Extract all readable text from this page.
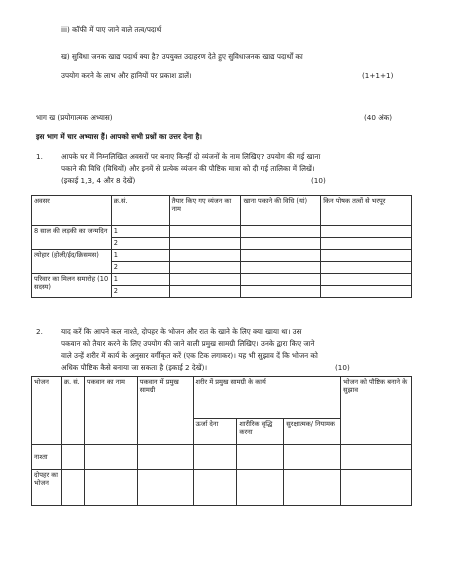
iii) कॉफी में पाए जाने वाले तत्व/पदार्थ
ख) सुविधा जनक खाद्य पदार्थ क्या है? उपयुक्त उदाहरण देते हुए सुविधाजनक खाद्य पदार्थों का
उपयोग करने के लाभ और हानियों पर प्रकाश डालें।	(1+1+1)
भाग ख (प्रयोगात्मक अभ्यास)	(40 अंक)
इस भाग में चार अभ्यास हैं। आपको सभी प्रश्नों का उत्तर देना है।
1.	आपके घर में निम्नलिखित अवसरों पर बनाए किन्हीं दो व्यंजनों के नाम लिखिए? उपयोग की गई खाना
पकाने की विधि (विधियों) और इनमें से प्रत्येक व्यंजन की पौष्टिक मात्रा को दी गई तालिका में लिखें।
(इकाई 1,3, 4 और 8 देखें)	(10)
अवसर	क्र.सं.	तैयार किए गए व्यंजन का नाम	खाना पकाने की विधि (यां)	किन पोषक तत्वों से भरपूर
8 साल की लड़की का जन्मदिन	1			
	2			
त्योहार (होली/ईद/क्रिसमस)	1			
	2			
परिवार का मिलन समारोह (10 सदस्य)	1			
	2			
2.	याद करें कि आपने कल नाश्ते, दोपहर के भोजन और रात के खाने के लिए क्या खाया था। उस
पकवान को तैयार करने के लिए उपयोग की जाने वाली प्रमुख सामग्री लिखिए। उनके द्वारा किए जाने
वाले उन्हें शरीर में कार्य के अनुसार वर्गीकृत करें (एक टिक लगाकर)। यह भी सुझाव दें कि भोजन को
अधिक पौष्टिक कैसे बनाया जा सकता है (इकाई 2 देखें)।	(10)
भोजन	क्र. सं.	पकवान का नाम	पकवान में प्रमुख सामग्री	शरीर में प्रमुख सामग्री के कार्य			भोजन को पौष्टिक बनाने के सुझाव
				ऊर्जा देना	शारीरिक वृद्धि करना	सुरक्षात्मक/ नियामक	
नाश्ता							
दोपहर का भोजन							
